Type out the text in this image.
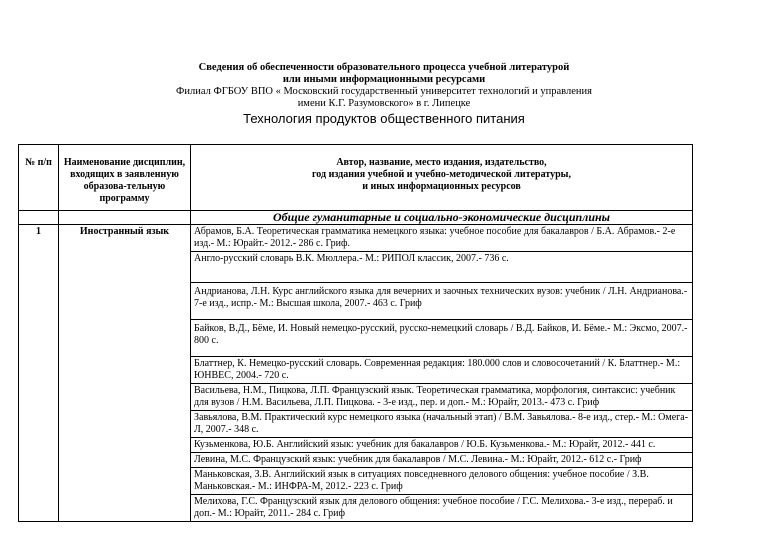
Сведения об обеспеченности образовательного процесса учебной литературой
или иными информационными ресурсами
Филиал ФГБОУ ВПО « Московский государственный университет технологий и управления
имени К.Г. Разумовского» в г. Липецке
Технология продуктов общественного питания
№ п/п	Наименование дисциплин, входящих в заявленную образова-тельную программу	Автор, название, место издания, издательство,
год издания учебной и учебно-методической литературы,
и иных информационных ресурсов

		Общие гуманитарные и социально-экономические дисциплины
1	Иностранный язык	Абрамов, Б.А. Теоретическая грамматика немецкого языка: учебное пособие для бакалавров / Б.А. Абрамов.- 2-е изд.- М.: Юрайт.- 2012.- 286 с. Гриф.
		Англо-русский словарь В.К. Мюллера.- М.: РИПОЛ классик, 2007.- 736 с.
		Андрианова, Л.Н. Курс английского языка для вечерних и заочных технических вузов: учебник / Л.Н. Андрианова.- 7-е изд., испр.- М.: Высшая школа, 2007.- 463 с. Гриф
		Байков, В.Д., Бёме, И. Новый немецко-русский, русско-немецкий словарь / В.Д. Байков, И. Бёме.- М.: Эксмо, 2007.- 800 с.
		Блаттнер, К. Немецко-русский словарь. Современная редакция: 180.000 слов и словосочетаний / К. Блаттнер.- М.: ЮНВЕС, 2004.- 720 с.
		Васильева, Н.М., Пицкова, Л.П. Французский язык. Теоретическая грамматика, морфология, синтаксис: учебник для вузов / Н.М. Васильева, Л.П. Пицкова. - 3-е изд., пер. и доп.- М.: Юрайт, 2013.- 473 с. Гриф
		Завьялова, В.М. Практический курс немецкого языка (начальный этап) / В.М. Завьялова.- 8-е изд., стер.- М.: Омега-Л, 2007.- 348 с.
		Кузьменкова, Ю.Б. Английский язык: учебник для бакалавров / Ю.Б. Кузьменкова.- М.: Юрайт, 2012.- 441 с.
		Левина, М.С. Французский язык: учебник для бакалавров / М.С. Левина.- М.: Юрайт, 2012.- 612 с.- Гриф
		Маньковская, З.В. Английский язык в ситуациях повседневного делового общения: учебное пособие / З.В. Маньковская.- М.: ИНФРА-М, 2012.- 223 с. Гриф
		Мелихова, Г.С. Французский язык для делового общения: учебное пособие / Г.С. Мелихова.- 3-е изд., перераб. и доп.- М.: Юрайт, 2011.- 284 с. Гриф
